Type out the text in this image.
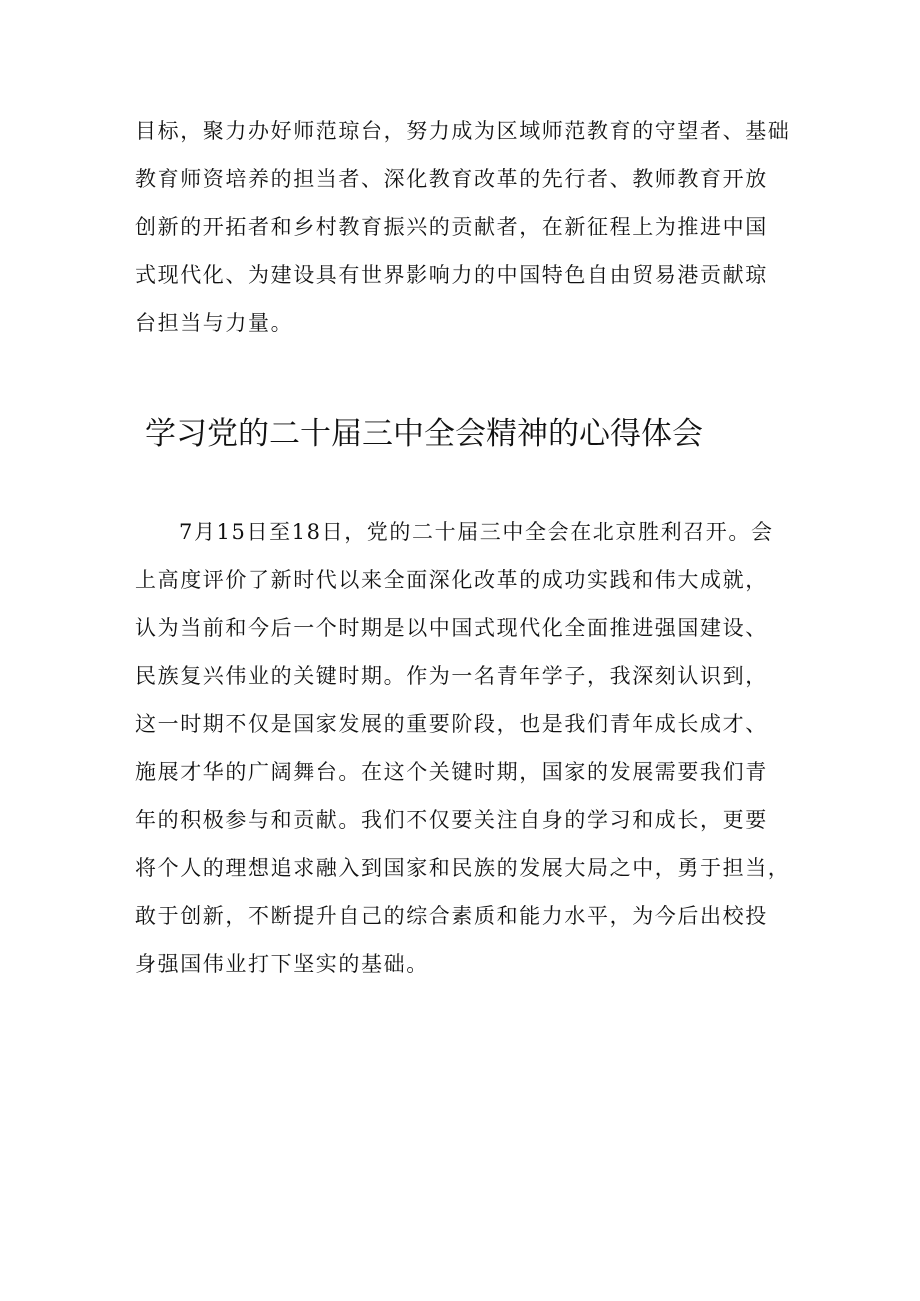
目标，聚力办好师范琼台，努力成为区域师范教育的守望者、基础
教育师资培养的担当者、深化教育改革的先行者、教师教育开放
创新的开拓者和乡村教育振兴的贡献者，在新征程上为推进中国
式现代化、为建设具有世界影响力的中国特色自由贸易港贡献琼
台担当与力量。

学习党的二十届三中全会精神的心得体会

7月15日至18日，党的二十届三中全会在北京胜利召开。会
上高度评价了新时代以来全面深化改革的成功实践和伟大成就，
认为当前和今后一个时期是以中国式现代化全面推进强国建设、
民族复兴伟业的关键时期。作为一名青年学子，我深刻认识到，
这一时期不仅是国家发展的重要阶段，也是我们青年成长成才、
施展才华的广阔舞台。在这个关键时期，国家的发展需要我们青
年的积极参与和贡献。我们不仅要关注自身的学习和成长，更要
将个人的理想追求融入到国家和民族的发展大局之中，勇于担当，
敢于创新，不断提升自己的综合素质和能力水平，为今后出校投
身强国伟业打下坚实的基础。
